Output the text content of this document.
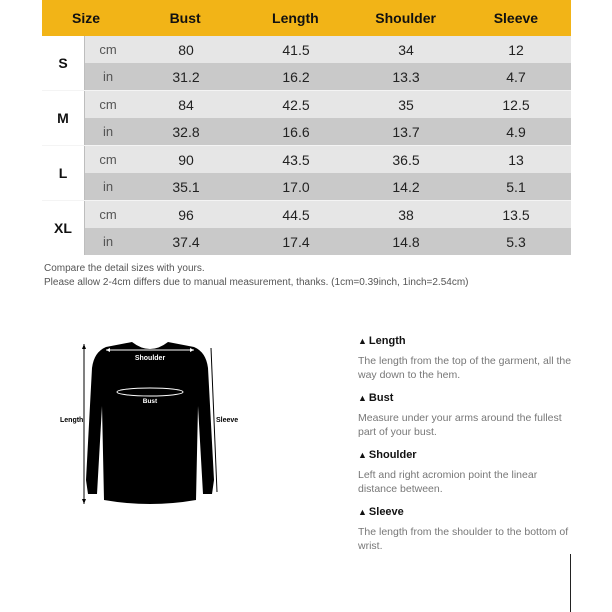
Size	Bust	Length	Shoulder	Sleeve
S
cm	80	41.5	34	12
in	31.2	16.2	13.3	4.7
M
cm	84	42.5	35	12.5
in	32.8	16.6	13.7	4.9
L
cm	90	43.5	36.5	13
in	35.1	17.0	14.2	5.1
XL
cm	96	44.5	38	13.5
in	37.4	17.4	14.8	5.3
Compare the detail sizes with yours.
Please allow 2-4cm differs due to manual measurement, thanks. (1cm=0.39inch, 1inch=2.54cm)
Shoulder
Bust
Length	Sleeve
▲ Length
The length from the top of the garment, all the way down to the hem.
▲ Bust
Measure under your arms around the fullest part of your bust.
▲ Shoulder
Left and right acromion point the linear distance between.
▲ Sleeve
The length from the shoulder to the bottom of wrist.
